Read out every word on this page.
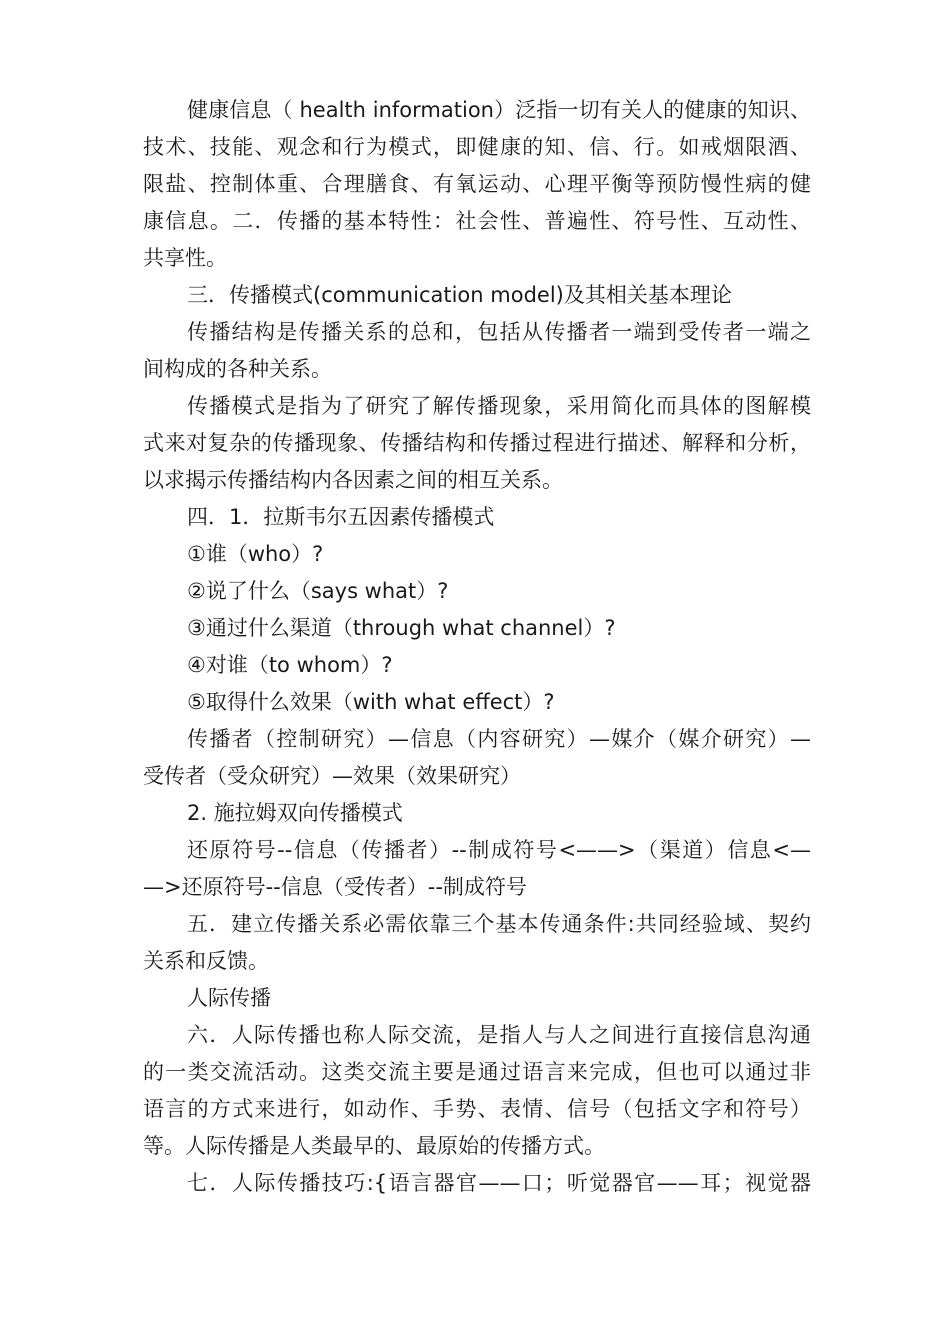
健康信息（ health information）泛指一切有关人的健康的知识、
技术、技能、观念和行为模式，即健康的知、信、行。如戒烟限酒、
限盐、控制体重、合理膳食、有氧运动、心理平衡等预防慢性病的健
康信息。二．传播的基本特性：社会性、普遍性、符号性、互动性、
共享性。
三．传播模式(communication model)及其相关基本理论
传播结构是传播关系的总和，包括从传播者一端到受传者一端之
间构成的各种关系。
传播模式是指为了研究了解传播现象，采用简化而具体的图解模
式来对复杂的传播现象、传播结构和传播过程进行描述、解释和分析，
以求揭示传播结构内各因素之间的相互关系。
四．1．拉斯韦尔五因素传播模式
①谁（who）?
②说了什么（says what）?
③通过什么渠道（through what channel）?
④对谁（to whom）?
⑤取得什么效果（with what effect）?
传播者（控制研究）—信息（内容研究）—媒介（媒介研究）—
受传者（受众研究）—效果（效果研究）
2. 施拉姆双向传播模式
还原符号--信息（传播者）--制成符号<——>（渠道）信息<—
—>还原符号--信息（受传者）--制成符号
五．建立传播关系必需依靠三个基本传通条件:共同经验域、契约
关系和反馈。
人际传播
六．人际传播也称人际交流，是指人与人之间进行直接信息沟通
的一类交流活动。这类交流主要是通过语言来完成，但也可以通过非
语言的方式来进行，如动作、手势、表情、信号（包括文字和符号）
等。人际传播是人类最早的、最原始的传播方式。
七．人际传播技巧:{语言器官——口；听觉器官——耳；视觉器
